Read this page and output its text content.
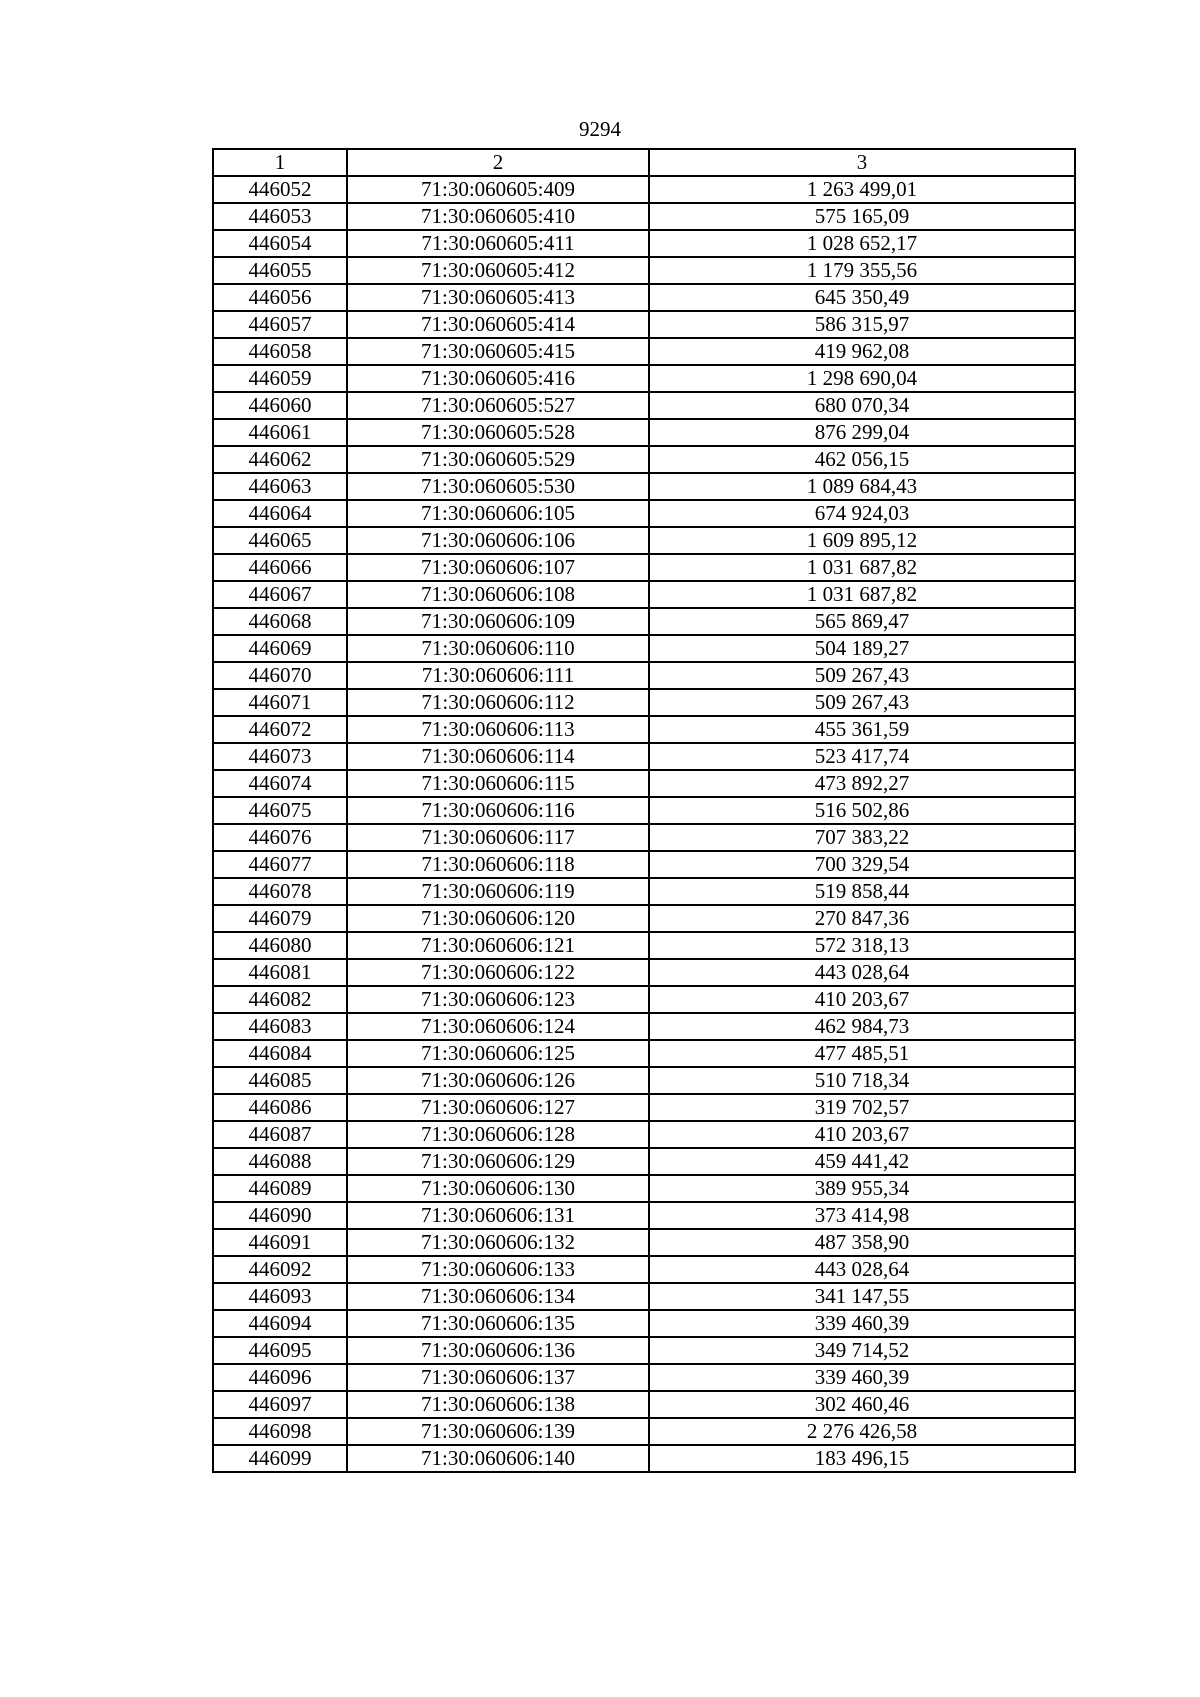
9294
1	2	3
446052	71:30:060605:409	1 263 499,01
446053	71:30:060605:410	575 165,09
446054	71:30:060605:411	1 028 652,17
446055	71:30:060605:412	1 179 355,56
446056	71:30:060605:413	645 350,49
446057	71:30:060605:414	586 315,97
446058	71:30:060605:415	419 962,08
446059	71:30:060605:416	1 298 690,04
446060	71:30:060605:527	680 070,34
446061	71:30:060605:528	876 299,04
446062	71:30:060605:529	462 056,15
446063	71:30:060605:530	1 089 684,43
446064	71:30:060606:105	674 924,03
446065	71:30:060606:106	1 609 895,12
446066	71:30:060606:107	1 031 687,82
446067	71:30:060606:108	1 031 687,82
446068	71:30:060606:109	565 869,47
446069	71:30:060606:110	504 189,27
446070	71:30:060606:111	509 267,43
446071	71:30:060606:112	509 267,43
446072	71:30:060606:113	455 361,59
446073	71:30:060606:114	523 417,74
446074	71:30:060606:115	473 892,27
446075	71:30:060606:116	516 502,86
446076	71:30:060606:117	707 383,22
446077	71:30:060606:118	700 329,54
446078	71:30:060606:119	519 858,44
446079	71:30:060606:120	270 847,36
446080	71:30:060606:121	572 318,13
446081	71:30:060606:122	443 028,64
446082	71:30:060606:123	410 203,67
446083	71:30:060606:124	462 984,73
446084	71:30:060606:125	477 485,51
446085	71:30:060606:126	510 718,34
446086	71:30:060606:127	319 702,57
446087	71:30:060606:128	410 203,67
446088	71:30:060606:129	459 441,42
446089	71:30:060606:130	389 955,34
446090	71:30:060606:131	373 414,98
446091	71:30:060606:132	487 358,90
446092	71:30:060606:133	443 028,64
446093	71:30:060606:134	341 147,55
446094	71:30:060606:135	339 460,39
446095	71:30:060606:136	349 714,52
446096	71:30:060606:137	339 460,39
446097	71:30:060606:138	302 460,46
446098	71:30:060606:139	2 276 426,58
446099	71:30:060606:140	183 496,15
